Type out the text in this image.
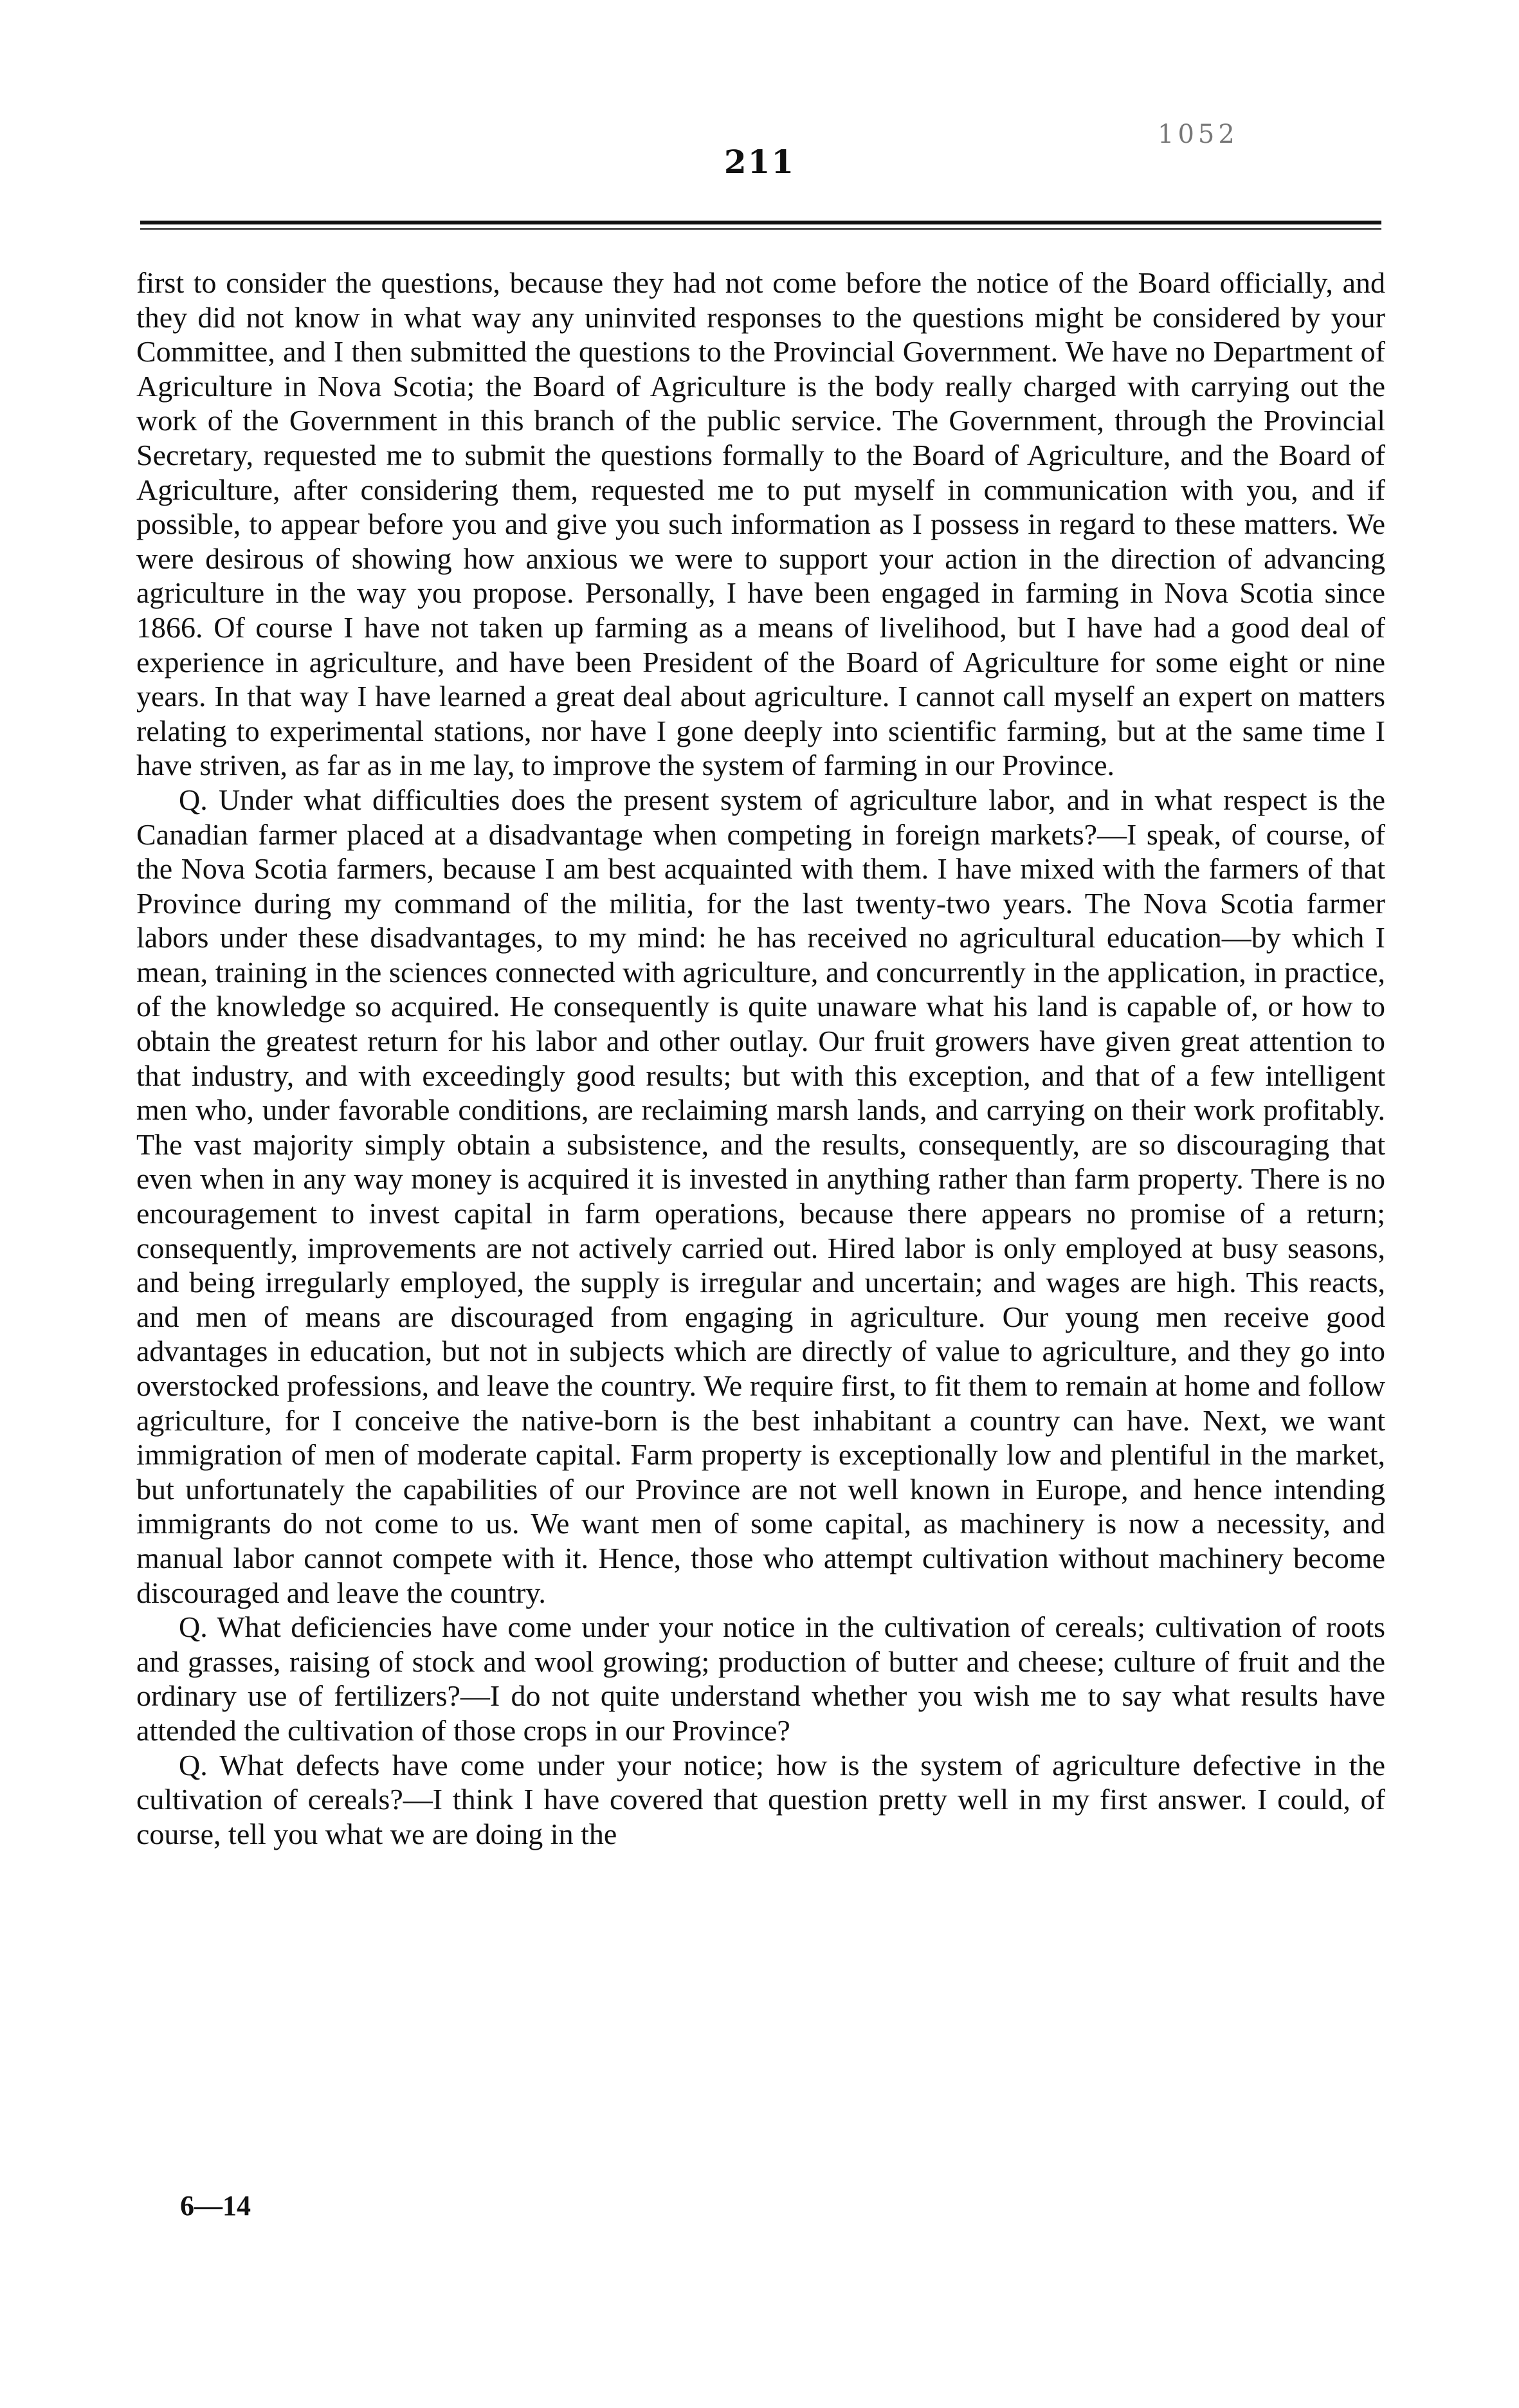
1052
211

first to consider the questions, because they had not come before the notice of the Board officially, and they did not know in what way any uninvited responses to the questions might be considered by your Committee, and I then submitted the questions to the Provincial Government. We have no Department of Agriculture in Nova Scotia; the Board of Agriculture is the body really charged with carrying out the work of the Government in this branch of the public service. The Government, through the Provincial Secretary, requested me to submit the questions formally to the Board of Agriculture, and the Board of Agriculture, after considering them, requested me to put myself in communication with you, and if possible, to appear before you and give you such information as I possess in regard to these matters. We were desirous of showing how anxious we were to support your action in the direction of advancing agriculture in the way you propose. Personally, I have been engaged in farming in Nova Scotia since 1866. Of course I have not taken up farming as a means of livelihood, but I have had a good deal of experience in agriculture, and have been President of the Board of Agriculture for some eight or nine years. In that way I have learned a great deal about agriculture. I cannot call myself an expert on matters relating to experimental stations, nor have I gone deeply into scientific farming, but at the same time I have striven, as far as in me lay, to improve the system of farming in our Province.

Q. Under what difficulties does the present system of agriculture labor, and in what respect is the Canadian farmer placed at a disadvantage when competing in foreign markets?—I speak, of course, of the Nova Scotia farmers, because I am best acquainted with them. I have mixed with the farmers of that Province during my command of the militia, for the last twenty-two years. The Nova Scotia farmer labors under these disadvantages, to my mind: he has received no agricultural education—by which I mean, training in the sciences connected with agriculture, and concurrently in the application, in practice, of the knowledge so acquired. He consequently is quite unaware what his land is capable of, or how to obtain the greatest return for his labor and other outlay. Our fruit growers have given great attention to that industry, and with exceedingly good results; but with this exception, and that of a few intelligent men who, under favorable conditions, are reclaiming marsh lands, and carrying on their work profitably. The vast majority simply obtain a subsistence, and the results, consequently, are so discouraging that even when in any way money is acquired it is invested in anything rather than farm property. There is no encouragement to invest capital in farm operations, because there appears no promise of a return; consequently, improvements are not actively carried out. Hired labor is only employed at busy seasons, and being irregularly employed, the supply is irregular and uncertain; and wages are high. This reacts, and men of means are discouraged from engaging in agriculture. Our young men receive good advantages in education, but not in subjects which are directly of value to agriculture, and they go into overstocked professions, and leave the country. We require first, to fit them to remain at home and follow agriculture, for I conceive the native-born is the best inhabitant a country can have. Next, we want immigration of men of moderate capital. Farm property is exceptionally low and plentiful in the market, but unfortunately the capabilities of our Province are not well known in Europe, and hence intending immigrants do not come to us. We want men of some capital, as machinery is now a necessity, and manual labor cannot compete with it. Hence, those who attempt cultivation without machinery become discouraged and leave the country.

Q. What deficiencies have come under your notice in the cultivation of cereals; cultivation of roots and grasses, raising of stock and wool growing; production of butter and cheese; culture of fruit and the ordinary use of fertilizers?—I do not quite understand whether you wish me to say what results have attended the cultivation of those crops in our Province?

Q. What defects have come under your notice; how is the system of agriculture defective in the cultivation of cereals?—I think I have covered that question pretty well in my first answer. I could, of course, tell you what we are doing in the

6—14
